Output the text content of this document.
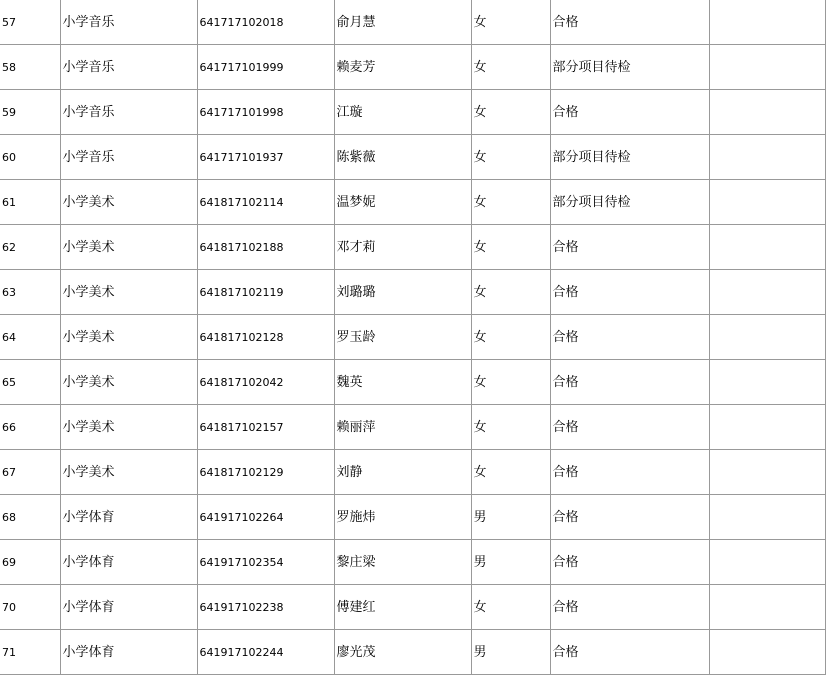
57	小学音乐	641717102018	俞月慧	女	合格	
58	小学音乐	641717101999	赖麦芳	女	部分项目待检	
59	小学音乐	641717101998	江璇	女	合格	
60	小学音乐	641717101937	陈紫薇	女	部分项目待检	
61	小学美术	641817102114	温梦妮	女	部分项目待检	
62	小学美术	641817102188	邓才莉	女	合格	
63	小学美术	641817102119	刘璐璐	女	合格	
64	小学美术	641817102128	罗玉龄	女	合格	
65	小学美术	641817102042	魏英	女	合格	
66	小学美术	641817102157	赖丽萍	女	合格	
67	小学美术	641817102129	刘静	女	合格	
68	小学体育	641917102264	罗施炜	男	合格	
69	小学体育	641917102354	黎庄梁	男	合格	
70	小学体育	641917102238	傅建红	女	合格	
71	小学体育	641917102244	廖光茂	男	合格	
